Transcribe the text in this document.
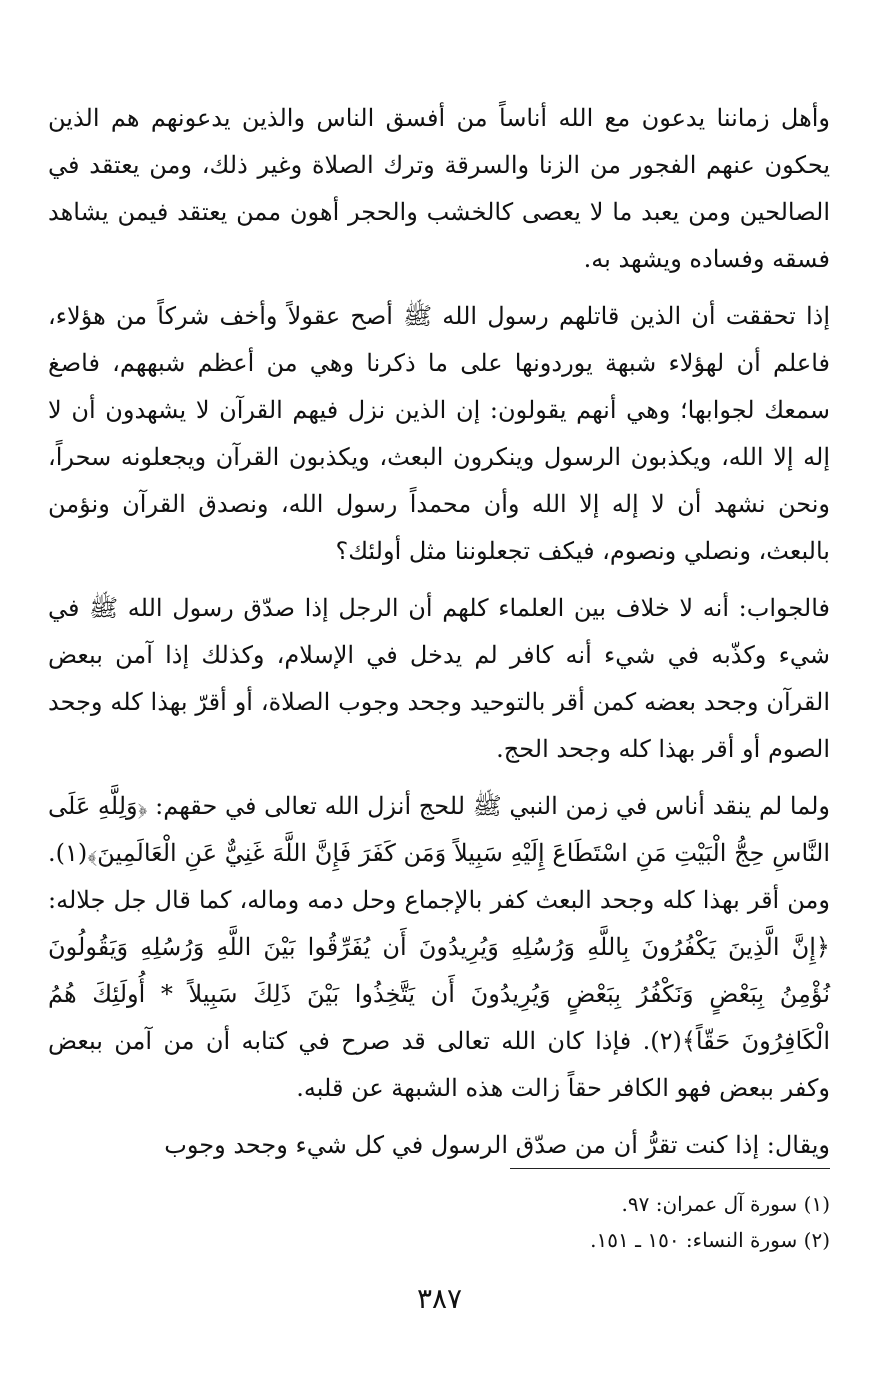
وأهل زماننا يدعون مع الله أناساً من أفسق الناس والذين يدعونهم هم الذين يحكون عنهم الفجور من الزنا والسرقة وترك الصلاة وغير ذلك، ومن يعتقد في الصالحين ومن يعبد ما لا يعصى كالخشب والحجر أهون ممن يعتقد فيمن يشاهد فسقه وفساده ويشهد به.

إذا تحققت أن الذين قاتلهم رسول الله ﷺ أصح عقولاً وأخف شركاً من هؤلاء، فاعلم أن لهؤلاء شبهة يوردونها على ما ذكرنا وهي من أعظم شبههم، فاصغ سمعك لجوابها؛ وهي أنهم يقولون: إن الذين نزل فيهم القرآن لا يشهدون أن لا إله إلا الله، ويكذبون الرسول وينكرون البعث، ويكذبون القرآن ويجعلونه سحراً، ونحن نشهد أن لا إله إلا الله وأن محمداً رسول الله، ونصدق القرآن ونؤمن بالبعث، ونصلي ونصوم، فيكف تجعلوننا مثل أولئك؟

فالجواب: أنه لا خلاف بين العلماء كلهم أن الرجل إذا صدّق رسول الله ﷺ في شيء وكذّبه في شيء أنه كافر لم يدخل في الإسلام، وكذلك إذا آمن ببعض القرآن وجحد بعضه كمن أقر بالتوحيد وجحد وجوب الصلاة، أو أقرّ بهذا كله وجحد الصوم أو أقر بهذا كله وجحد الحج.

ولما لم ينقد أناس في زمن النبي ﷺ للحج أنزل الله تعالى في حقهم: ﴿وَلِلَّهِ عَلَى النَّاسِ حِجُّ الْبَيْتِ مَنِ اسْتَطَاعَ إِلَيْهِ سَبِيلاً وَمَن كَفَرَ فَإِنَّ اللَّهَ غَنِيٌّ عَنِ الْعَالَمِينَ﴾(١). ومن أقر بهذا كله وجحد البعث كفر بالإجماع وحل دمه وماله، كما قال جل جلاله: ﴿إِنَّ الَّذِينَ يَكْفُرُونَ بِاللَّهِ وَرُسُلِهِ وَيُرِيدُونَ أَن يُفَرِّقُوا بَيْنَ اللَّهِ وَرُسُلِهِ وَيَقُولُونَ نُؤْمِنُ بِبَعْضٍ وَنَكْفُرُ بِبَعْضٍ وَيُرِيدُونَ أَن يَتَّخِذُوا بَيْنَ ذَلِكَ سَبِيلاً * أُولَئِكَ هُمُ الْكَافِرُونَ حَقّاً﴾(٢). فإذا كان الله تعالى قد صرح في كتابه أن من آمن ببعض وكفر ببعض فهو الكافر حقاً زالت هذه الشبهة عن قلبه.

ويقال: إذا كنت تقرُّ أن من صدّق الرسول في كل شيء وجحد وجوب

(١) سورة آل عمران: ٩٧.
(٢) سورة النساء: ١٥٠ ـ ١٥١.
٣٨٧
